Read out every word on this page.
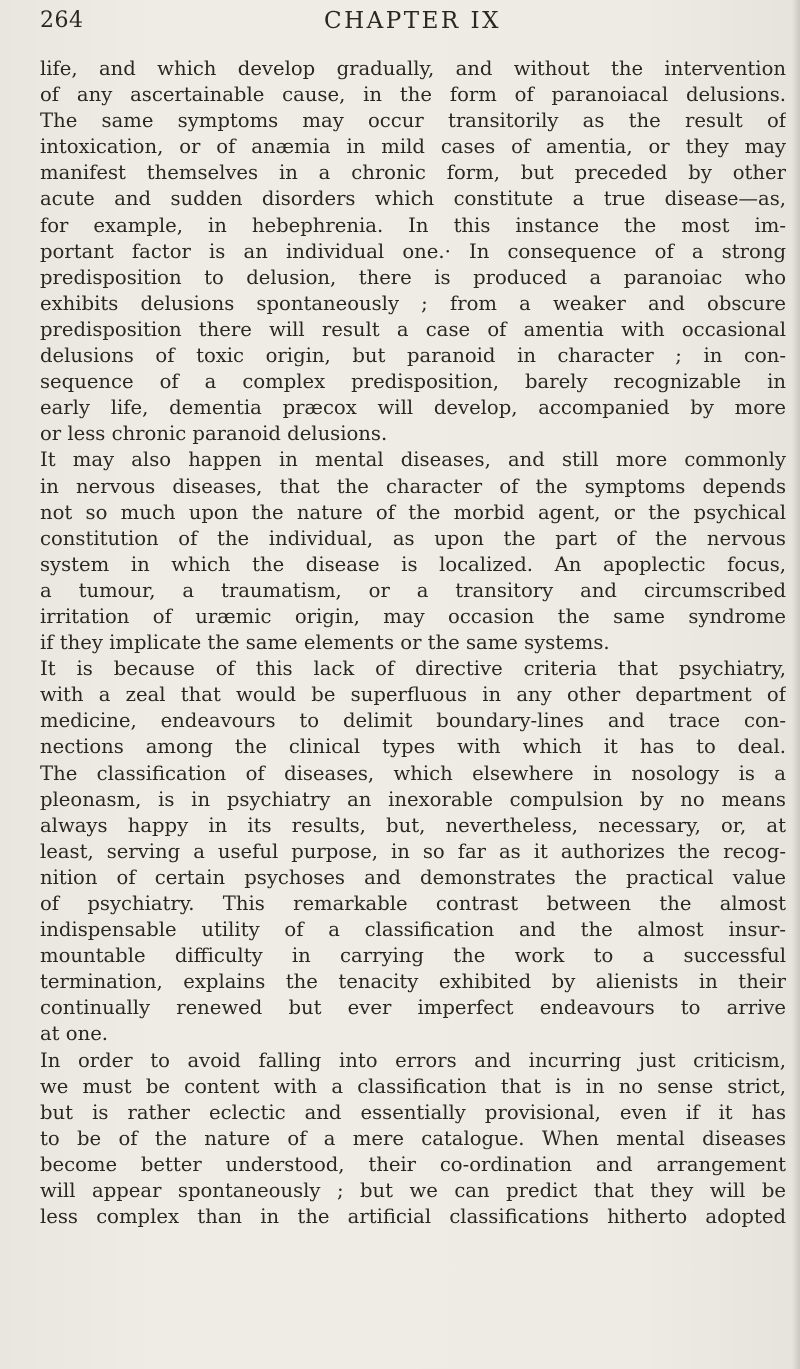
264	CHAPTER IX
life, and which develop gradually, and without the intervention
of any ascertainable cause, in the form of paranoiacal delusions.
The same symptoms may occur transitorily as the result of
intoxication, or of anæmia in mild cases of amentia, or they may
manifest themselves in a chronic form, but preceded by other
acute and sudden disorders which constitute a true disease—as,
for example, in hebephrenia. In this instance the most im-
portant factor is an individual one.· In consequence of a strong
predisposition to delusion, there is produced a paranoiac who
exhibits delusions spontaneously ; from a weaker and obscure
predisposition there will result a case of amentia with occasional
delusions of toxic origin, but paranoid in character ; in con-
sequence of a complex predisposition, barely recognizable in
early life, dementia præcox will develop, accompanied by more
or less chronic paranoid delusions.
It may also happen in mental diseases, and still more commonly
in nervous diseases, that the character of the symptoms depends
not so much upon the nature of the morbid agent, or the psychical
constitution of the individual, as upon the part of the nervous
system in which the disease is localized. An apoplectic focus,
a tumour, a traumatism, or a transitory and circumscribed
irritation of uræmic origin, may occasion the same syndrome
if they implicate the same elements or the same systems.
It is because of this lack of directive criteria that psychiatry,
with a zeal that would be superfluous in any other department of
medicine, endeavours to delimit boundary-lines and trace con-
nections among the clinical types with which it has to deal.
The classification of diseases, which elsewhere in nosology is a
pleonasm, is in psychiatry an inexorable compulsion by no means
always happy in its results, but, nevertheless, necessary, or, at
least, serving a useful purpose, in so far as it authorizes the recog-
nition of certain psychoses and demonstrates the practical value
of psychiatry. This remarkable contrast between the almost
indispensable utility of a classification and the almost insur-
mountable difficulty in carrying the work to a successful
termination, explains the tenacity exhibited by alienists in their
continually renewed but ever imperfect endeavours to arrive
at one.
In order to avoid falling into errors and incurring just criticism,
we must be content with a classification that is in no sense strict,
but is rather eclectic and essentially provisional, even if it has
to be of the nature of a mere catalogue. When mental diseases
become better understood, their co-ordination and arrangement
will appear spontaneously ; but we can predict that they will be
less complex than in the artificial classifications hitherto adopted
